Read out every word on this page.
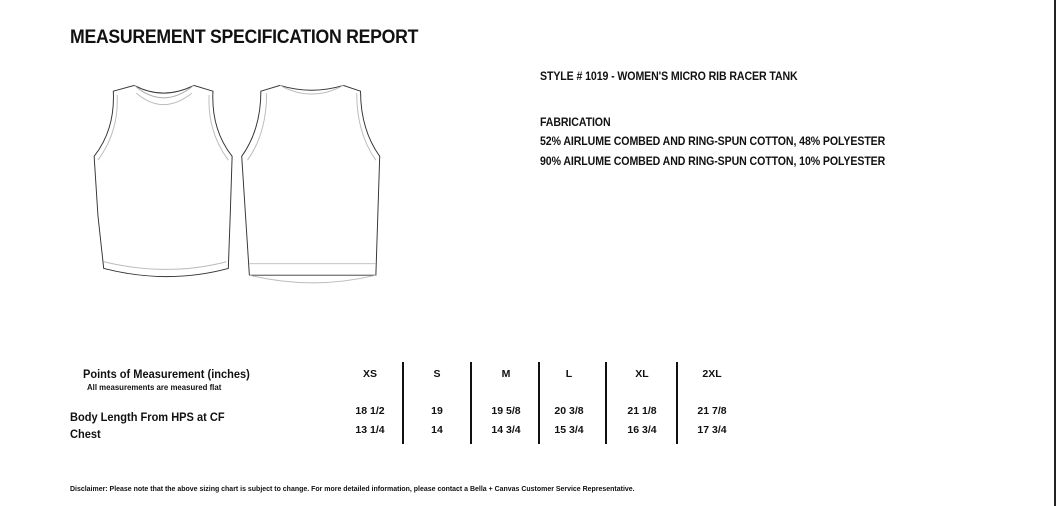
MEASUREMENT SPECIFICATION REPORT
STYLE # 1019 - WOMEN'S MICRO RIB RACER TANK
FABRICATION
52% AIRLUME COMBED AND RING-SPUN COTTON, 48% POLYESTER
90% AIRLUME COMBED AND RING-SPUN COTTON, 10% POLYESTER
Points of Measurement (inches)
All measurements are measured flat
Body Length From HPS at CF
Chest
XS
18 1/2
13 1/4
S
19
14
M
19 5/8
14 3/4
L
20 3/8
15 3/4
XL
21 1/8
16 3/4
2XL
21 7/8
17 3/4
Disclaimer: Please note that the above sizing chart is subject to change. For more detailed information, please contact a Bella + Canvas Customer Service Representative.
